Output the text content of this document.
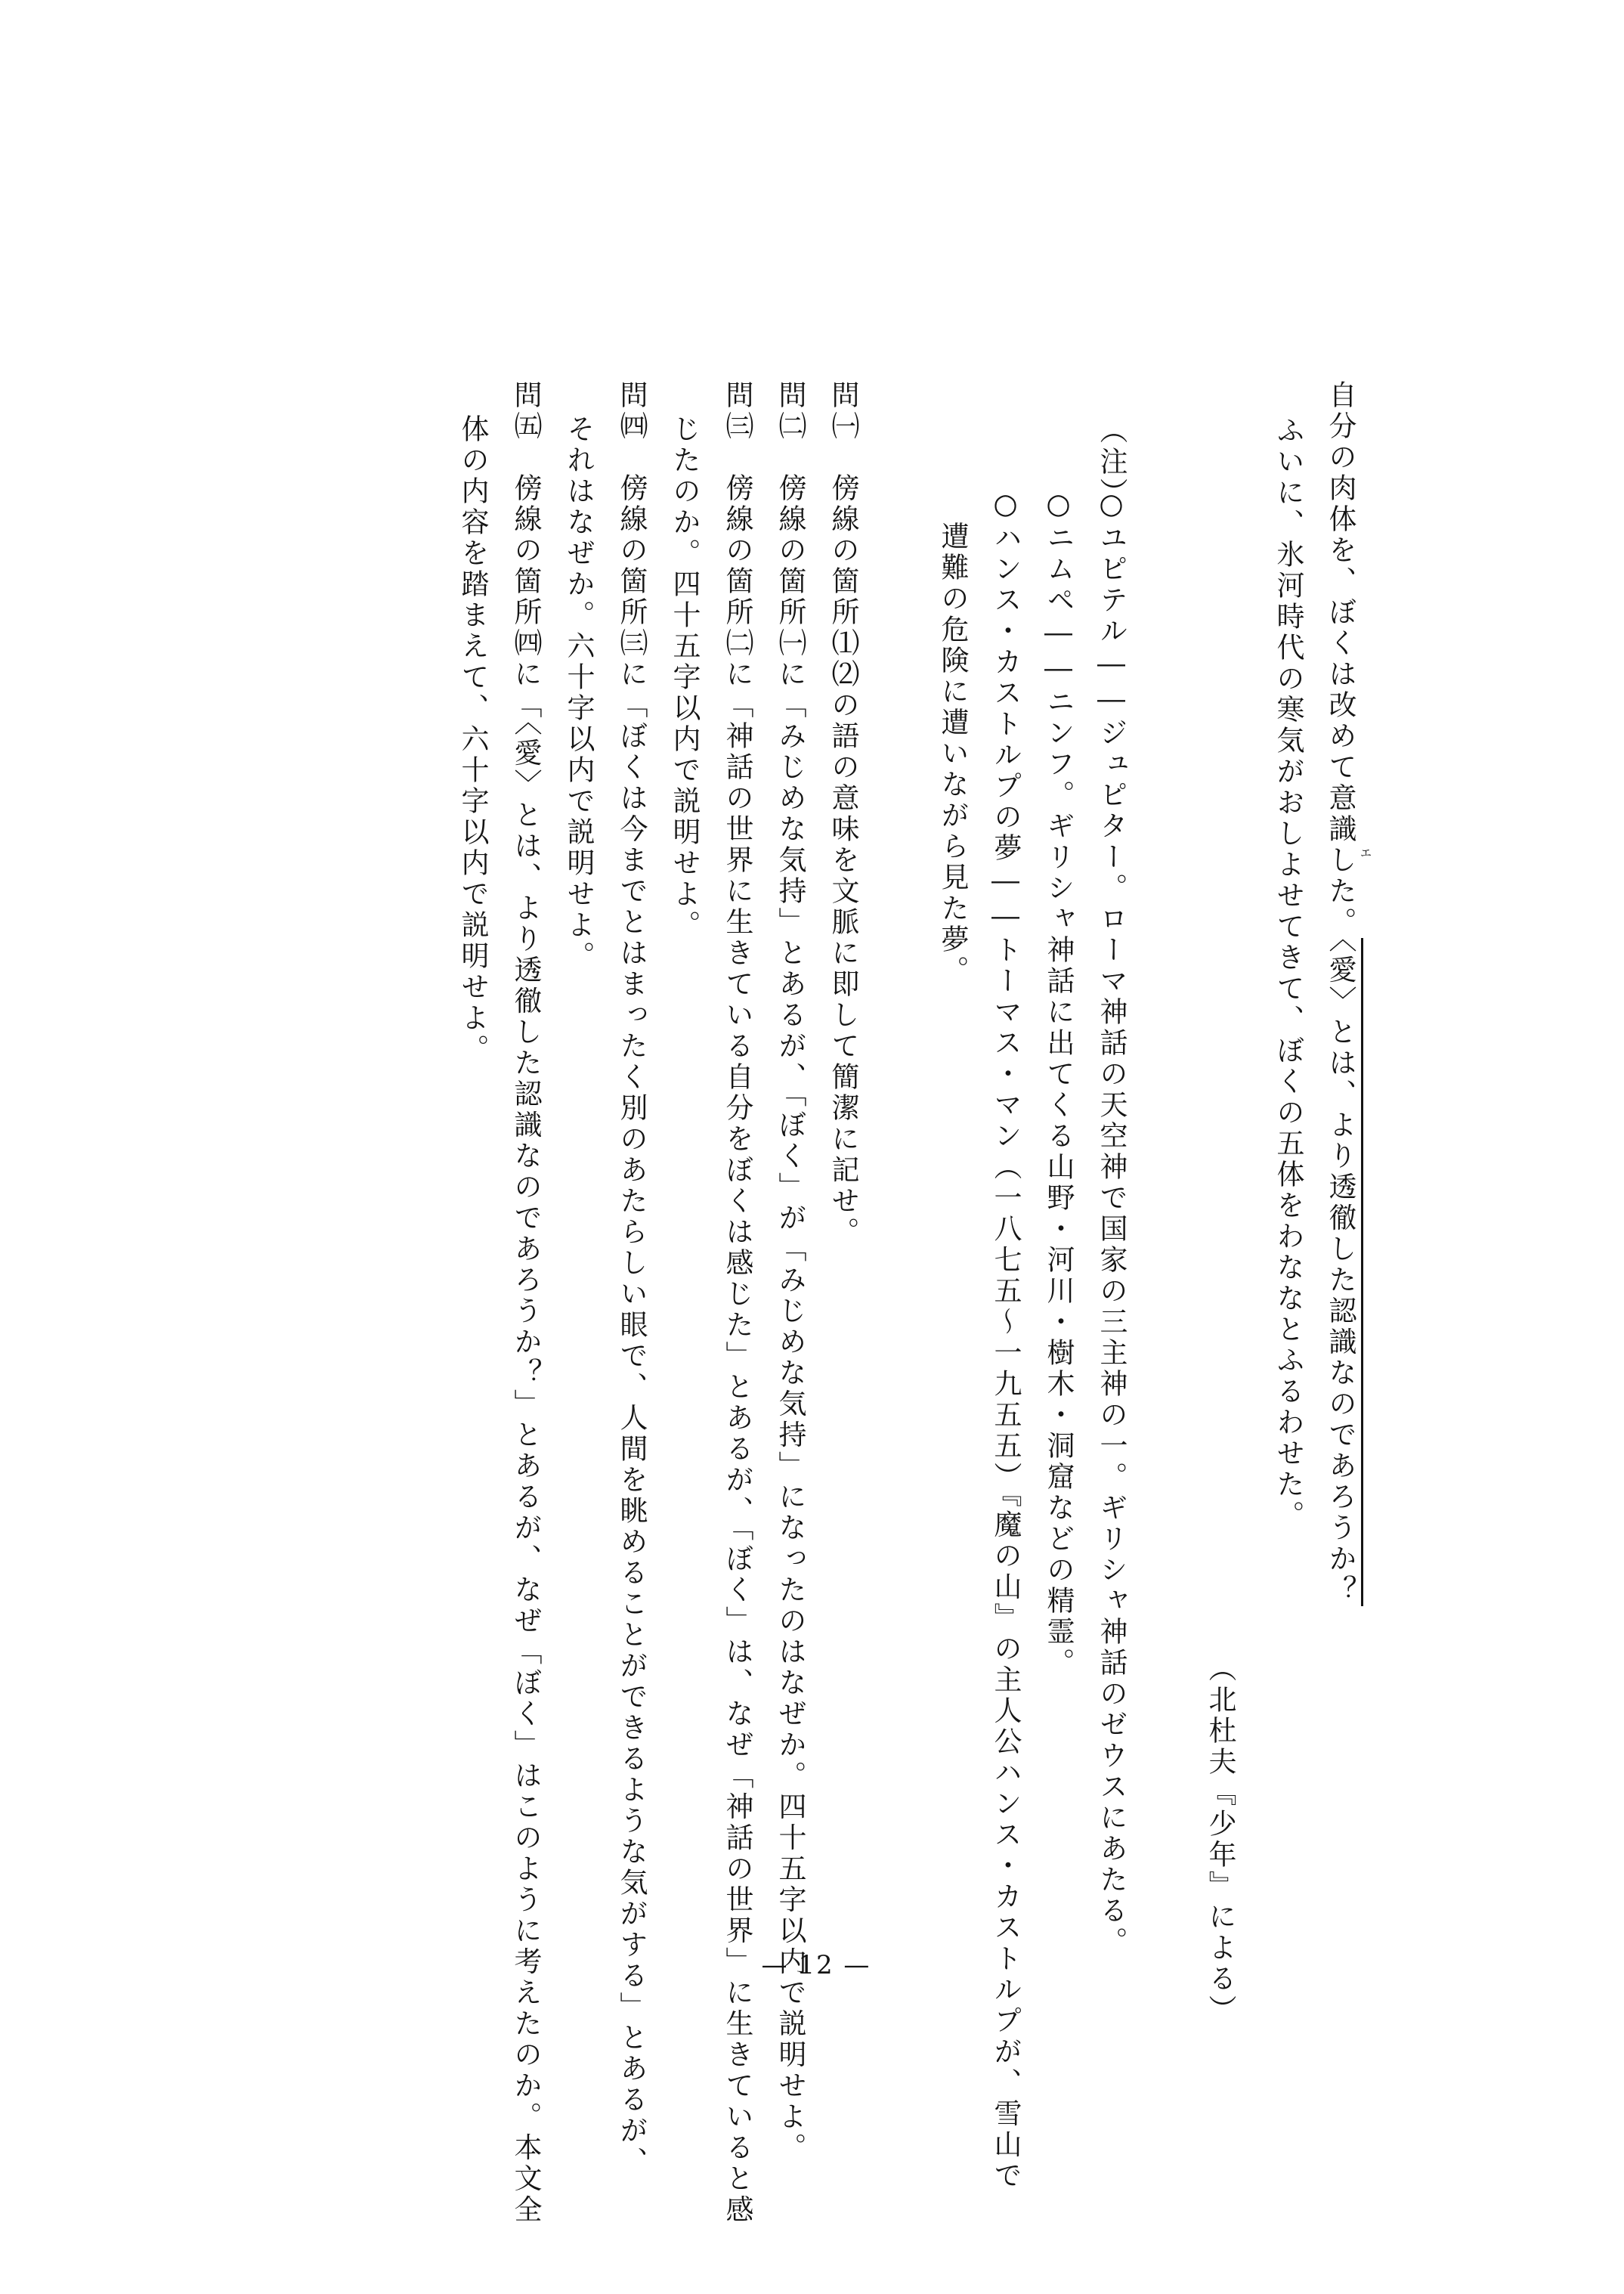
自分の肉体を、ぼくは改めて意識した。〈愛〉とは、より透徹した認識なのであろうか？
エ
ふいに、氷河時代の寒気がおしよせてきて、ぼくの五体をわななとふるわせた。
（北杜夫『少年』による）
（注）
○ユピテル――ジュピター。ローマ神話の天空神で国家の三主神の一。ギリシャ神話のゼウスにあたる。
○ニムペ――ニンフ。ギリシャ神話に出てくる山野・河川・樹木・洞窟などの精霊。
○ハンス・カストルプの夢――トーマス・マン（一八七五〜一九五五）『魔の山』の主人公ハンス・カストルプが、雪山で
遭難の危険に遭いながら見た夢。
問㈠　傍線の箇所⑴⑵の語の意味を文脈に即して簡潔に記せ。
問㈡　傍線の箇所㈠に「みじめな気持」とあるが、「ぼく」が「みじめな気持」になったのはなぜか。四十五字以内で説明せよ。
問㈢　傍線の箇所㈡に「神話の世界に生きている自分をぼくは感じた」とあるが、「ぼく」は、なぜ「神話の世界」に生きていると感
じたのか。四十五字以内で説明せよ。
問㈣　傍線の箇所㈢に「ぼくは今までとはまったく別のあたらしい眼で、人間を眺めることができるような気がする」とあるが、
それはなぜか。六十字以内で説明せよ。
問㈤　傍線の箇所㈣に「〈愛〉とは、より透徹した認識なのであろうか？」とあるが、なぜ「ぼく」はこのように考えたのか。本文全
体の内容を踏まえて、六十字以内で説明せよ。
— 12 —
